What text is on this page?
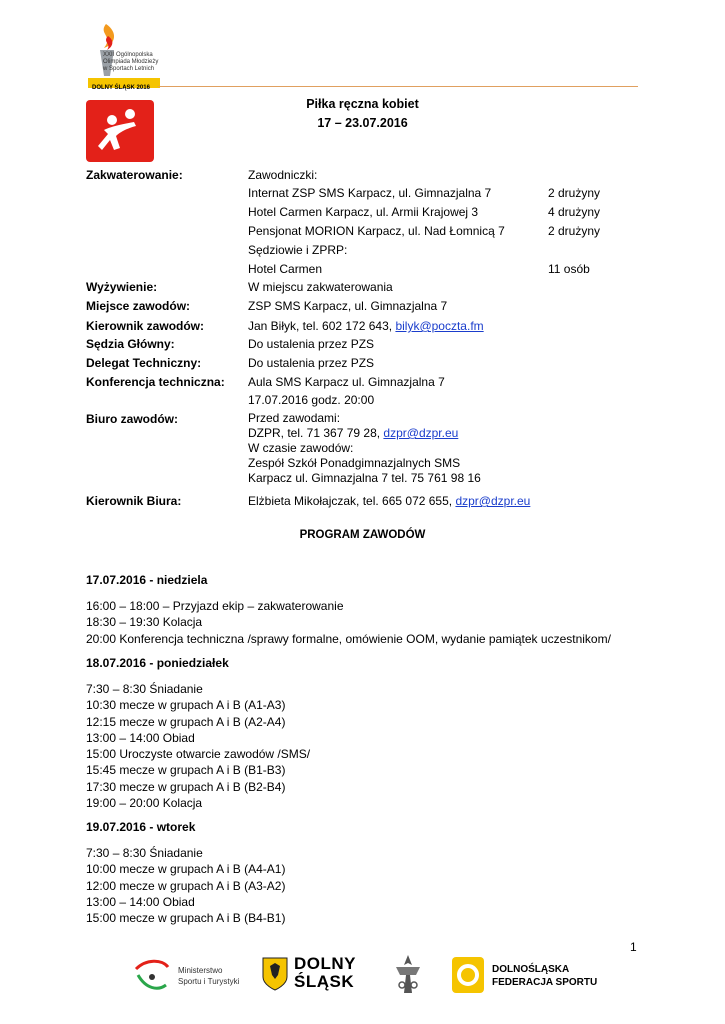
XXII Ogólnopolska
Olimpiada Młodzieży
w Sportach Letnich
DOLNY ŚLĄSK 2016
Piłka ręczna kobiet
17 – 23.07.2016
Zakwaterowanie:	Zawodniczki:
Internat ZSP SMS Karpacz, ul. Gimnazjalna 7	2 drużyny
Hotel Carmen Karpacz, ul. Armii Krajowej 3	4 drużyny
Pensjonat MORION Karpacz, ul. Nad Łomnicą 7	2 drużyny
Sędziowie i ZPRP:
Hotel Carmen	11 osób
Wyżywienie:	W miejscu zakwaterowania
Miejsce zawodów:	ZSP SMS Karpacz, ul. Gimnazjalna 7
Kierownik zawodów:	Jan Biłyk, tel. 602 172 643, bilyk@poczta.fm
Sędzia Główny:	Do ustalenia przez PZS
Delegat Techniczny:	Do ustalenia przez PZS
Konferencja techniczna: Aula SMS Karpacz ul. Gimnazjalna 7
17.07.2016 godz. 20:00
Biuro zawodów:	Przed zawodami:
DZPR, tel. 71 367 79 28, dzpr@dzpr.eu
W czasie zawodów:
Zespół Szkół Ponadgimnazjalnych SMS
Karpacz ul. Gimnazjalna 7 tel. 75 761 98 16
Kierownik Biura:	Elżbieta Mikołajczak, tel. 665 072 655, dzpr@dzpr.eu
PROGRAM ZAWODÓW
17.07.2016 - niedziela
16:00 – 18:00 – Przyjazd ekip – zakwaterowanie
18:30 – 19:30 Kolacja
20:00 Konferencja techniczna /sprawy formalne, omówienie OOM, wydanie pamiątek uczestnikom/
18.07.2016 - poniedziałek
7:30 – 8:30 Śniadanie
10:30 mecze w grupach A i B (A1-A3)
12:15 mecze w grupach A i B (A2-A4)
13:00 – 14:00 Obiad
15:00 Uroczyste otwarcie zawodów /SMS/
15:45 mecze w grupach A i B (B1-B3)
17:30 mecze w grupach A i B (B2-B4)
19:00 – 20:00 Kolacja
19.07.2016 - wtorek
7:30 – 8:30 Śniadanie
10:00 mecze w grupach A i B (A4-A1)
12:00 mecze w grupach A i B (A3-A2)
13:00 – 14:00 Obiad
15:00 mecze w grupach A i B (B4-B1)
1
Ministerstwo
Sportu i Turystyki
DOLNY
ŚLĄSK
DOLNOŚLĄSKA
FEDERACJA SPORTU
